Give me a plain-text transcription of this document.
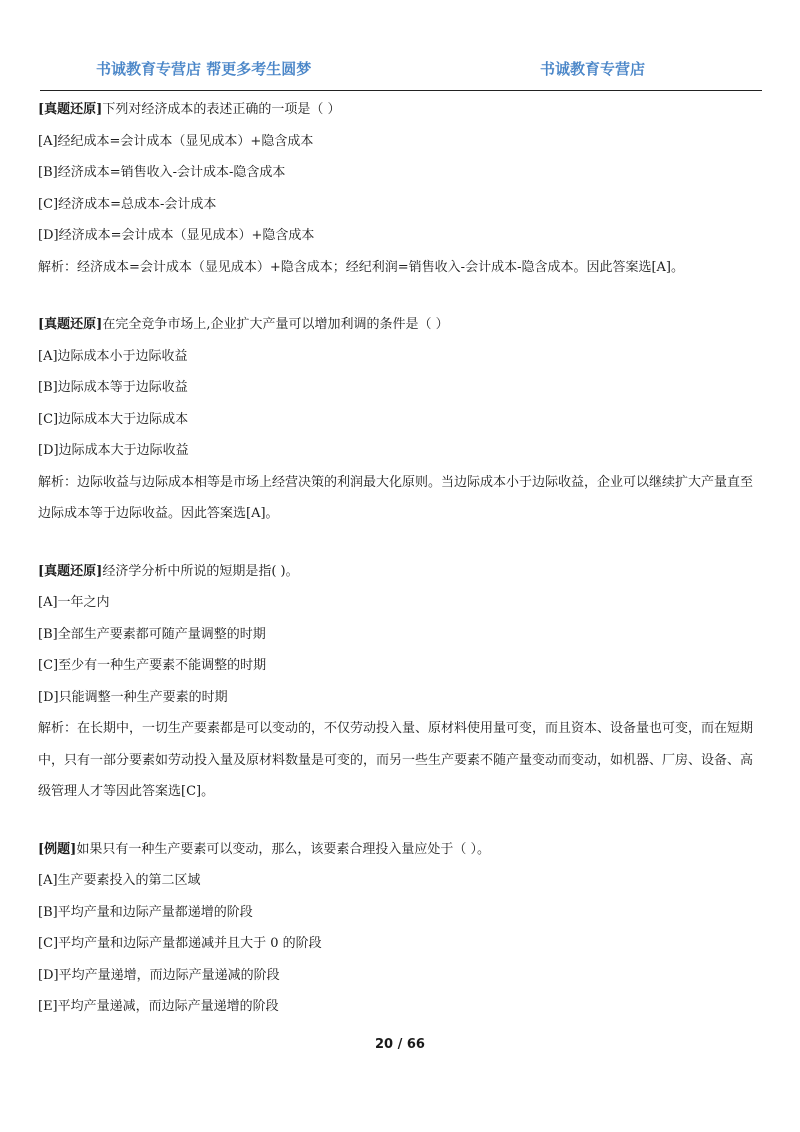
书诚教育专营店 帮更多考生圆梦	书诚教育专营店
[真题还原]下列对经济成本的表述正确的一项是（ ）
[A]经纪成本=会计成本（显见成本）+隐含成本
[B]经济成本=销售收入-会计成本-隐含成本
[C]经济成本=总成本-会计成本
[D]经济成本=会计成本（显见成本）+隐含成本
解析：经济成本=会计成本（显见成本）+隐含成本；经纪利润=销售收入-会计成本-隐含成本。因此答案选[A]。
[真题还原]在完全竞争市场上,企业扩大产量可以增加利调的条件是（ ）
[A]边际成本小于边际收益
[B]边际成本等于边际收益
[C]边际成本大于边际成本
[D]边际成本大于边际收益
解析：边际收益与边际成本相等是市场上经营决策的利润最大化原则。当边际成本小于边际收益，企业可以继续扩大产量直至边际成本等于边际收益。因此答案选[A]。
[真题还原]经济学分析中所说的短期是指( )。
[A]一年之内
[B]全部生产要素都可随产量调整的时期
[C]至少有一种生产要素不能调整的时期
[D]只能调整一种生产要素的时期
解析：在长期中，一切生产要素都是可以变动的，不仅劳动投入量、原材料使用量可变，而且资本、设备量也可变，而在短期中，只有一部分要素如劳动投入量及原材料数量是可变的，而另一些生产要素不随产量变动而变动，如机器、厂房、设备、高级管理人才等因此答案选[C]。
[例题]如果只有一种生产要素可以变动，那么，该要素合理投入量应处于（ ）。
[A]生产要素投入的第二区域
[B]平均产量和边际产量都递增的阶段
[C]平均产量和边际产量都递减并且大于 0 的阶段
[D]平均产量递增，而边际产量递减的阶段
[E]平均产量递减，而边际产量递增的阶段
20 / 66
